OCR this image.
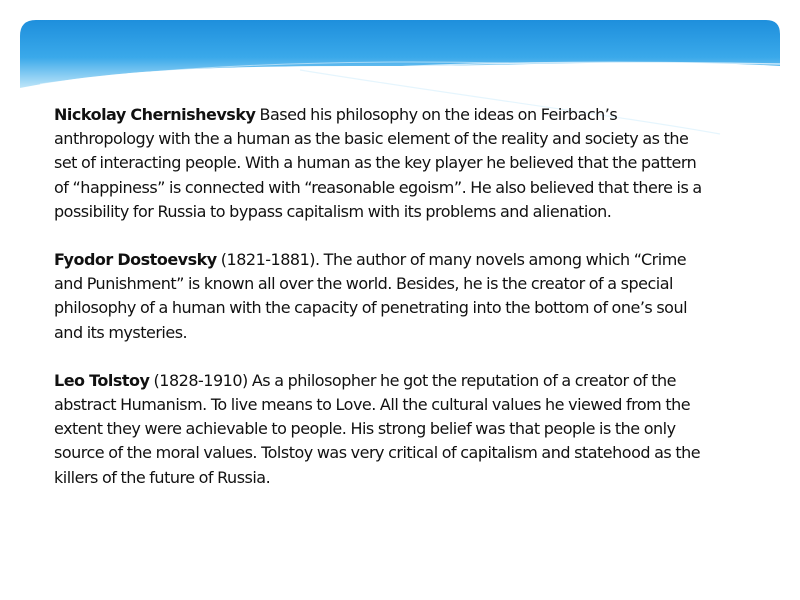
Nickolay Chernishevsky Based his philosophy on the ideas on Feirbach’s anthropology with the a human as the basic element of the reality and society as the set of interacting people. With a human as the key player he believed that the pattern of “happiness” is connected with “reasonable egoism”. He also believed that there is a possibility for Russia to bypass capitalism with its problems and alienation.

Fyodor Dostoevsky (1821-1881). The author of many novels among which “Crime and Punishment” is known all over the world. Besides, he is the creator of a special philosophy of a human with the capacity of penetrating into the bottom of one’s soul and its mysteries.

Leo Tolstoy (1828-1910) As a philosopher he got the reputation of a creator of the abstract Humanism. To live means to Love. All the cultural values he viewed from the extent they were achievable to people. His strong belief was that people is the only source of the moral values. Tolstoy was very critical of capitalism and statehood as the killers of the future of Russia.
